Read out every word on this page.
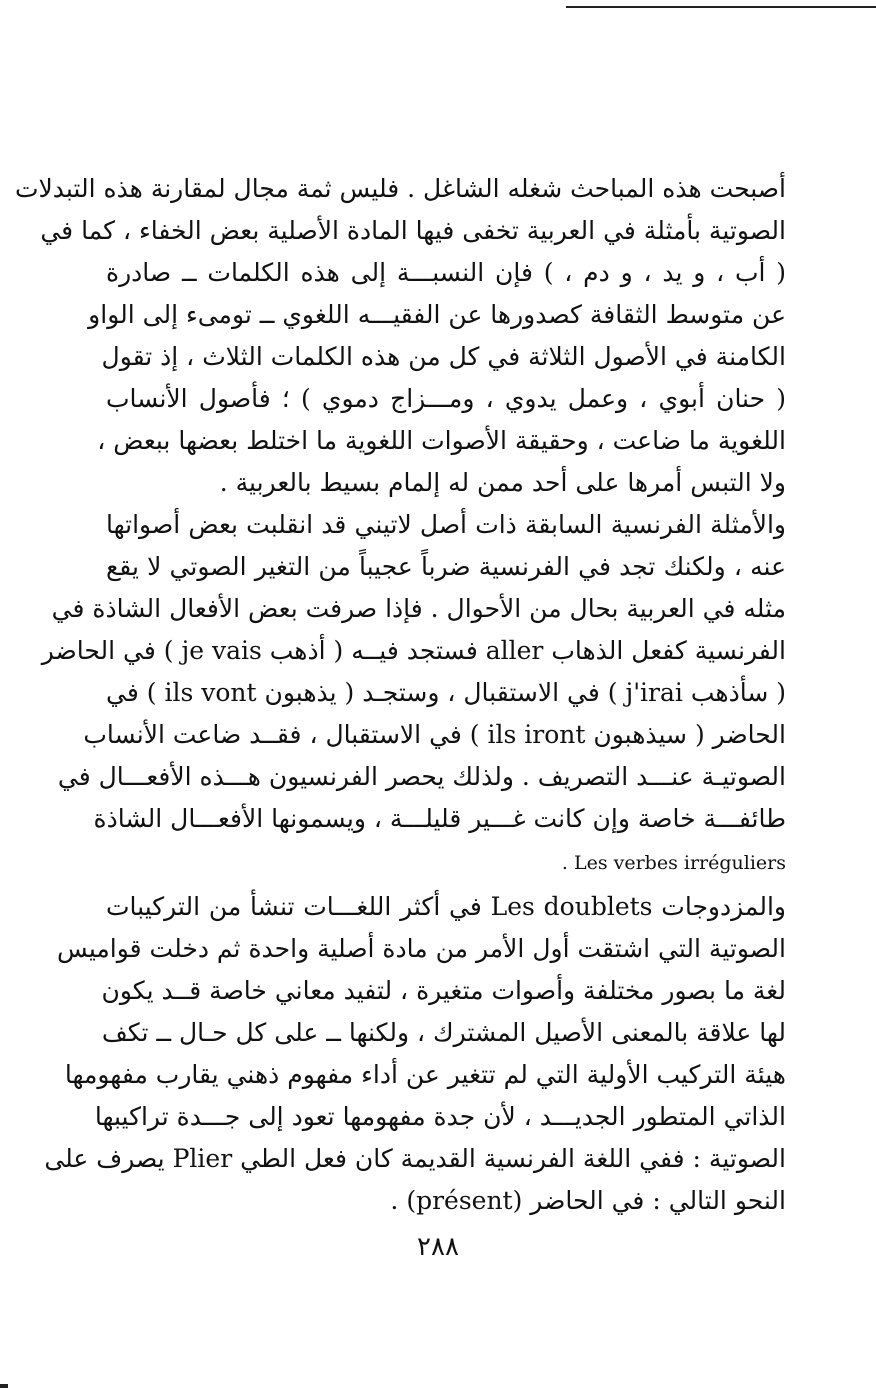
أصبحت هذه المباحث شغله الشاغل . فليس ثمة مجال لمقارنة هذه التبدلات
الصوتية بأمثلة في العربية تخفى فيها المادة الأصلية بعض الخفاء ، كما في
( أب ، و يد ، و دم ، ) فإن النسبـــة إلى هذه الكلمات ــ صادرة
عن متوسط الثقافة كصدورها عن الفقيـــه اللغوي ــ تومىء إلى الواو
الكامنة في الأصول الثلاثة في كل من هذه الكلمات الثلاث ، إذ تقول
( حنان أبوي ، وعمل يدوي ، ومـــزاج دموي ) ؛ فأصول الأنساب
اللغوية ما ضاعت ، وحقيقة الأصوات اللغوية ما اختلط بعضها ببعض ،
ولا التبس أمرها على أحد ممن له إلمام بسيط بالعربية .
والأمثلة الفرنسية السابقة ذات أصل لاتيني قد انقلبت بعض أصواتها
عنه ، ولكنك تجد في الفرنسية ضرباً عجيباً من التغير الصوتي لا يقع
مثله في العربية بحال من الأحوال . فإذا صرفت بعض الأفعال الشاذة في
الفرنسية كفعل الذهاب aller فستجد فيــه ( أذهب je vais ) في الحاضر
( سأذهب j'irai ) في الاستقبال ، وستجـد ( يذهبون ils vont ) في
الحاضر ( سيذهبون ils iront ) في الاستقبال ، فقــد ضاعت الأنساب
الصوتيـة عنـــد التصريف . ولذلك يحصر الفرنسيون هـــذه الأفعـــال في
طائفـــة خاصة وإن كانت غـــير قليلـــة ، ويسمونها الأفعـــال الشاذة
. Les verbes irréguliers
والمزدوجات Les doublets في أكثر اللغـــات تنشأ من التركيبات
الصوتية التي اشتقت أول الأمر من مادة أصلية واحدة ثم دخلت قواميس
لغة ما بصور مختلفة وأصوات متغيرة ، لتفيد معاني خاصة قــد يكون
لها علاقة بالمعنى الأصيل المشترك ، ولكنها ــ على كل حـال ــ تكف
هيئة التركيب الأولية التي لم تتغير عن أداء مفهوم ذهني يقارب مفهومها
الذاتي المتطور الجديـــد ، لأن جدة مفهومها تعود إلى جـــدة تراكيبها
الصوتية : ففي اللغة الفرنسية القديمة كان فعل الطي Plier يصرف على
النحو التالي : في الحاضر (présent) .
٢٨٨
